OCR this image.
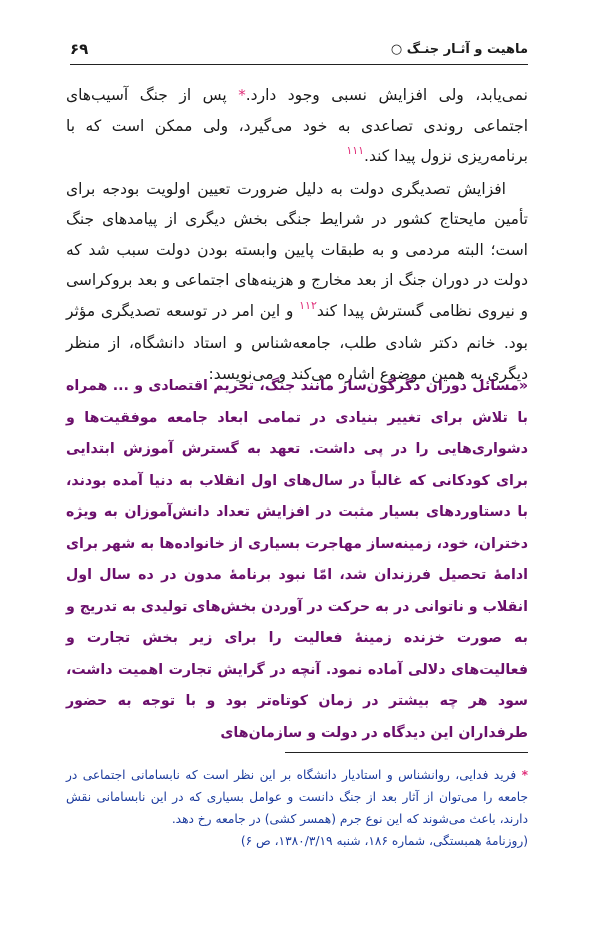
ماهیت و آثـار جنـگ ○
۶۹

نمی‌یابد، ولی افزایش نسبی وجود دارد.* پس از جنگ آسیب‌های اجتماعی روندی تصاعدی به خود می‌گیرد، ولی ممکن است که با برنامه‌ریزی نزول پیدا کند.$^{۱۱۱}$

افزایش تصدیگری دولت به دلیل ضرورت تعیین اولویت بودجه برای تأمین مایحتاج کشور در شرایط جنگی بخش دیگری از پیامدهای جنگ است؛ البته مردمی و به طبقات پایین وابسته بودن دولت سبب شد که دولت در دوران جنگ از بعد مخارج و هزینه‌های اجتماعی و بعد بروکراسی و نیروی نظامی گسترش پیدا کند$^{۱۱۲}$ و این امر در توسعه تصدیگری مؤثر بود. خانم دکتر شادی طلب، جامعه‌شناس و استاد دانشگاه، از منظر دیگری به همین موضوع اشاره می‌کند و می‌نویسد:

«مسائل دوران دگرگون‌ساز مانند جنگ، تحریم اقتصادی و ... همراه با تلاش برای تغییر بنیادی در تمامی ابعاد جامعه موفقیت‌ها و دشواری‌هایی را در پی داشت. تعهد به گسترش آموزش ابتدایی برای کودکانی که غالباً در سال‌های اول انقلاب به دنیا آمده بودند، با دستاوردهای بسیار مثبت در افزایش تعداد دانش‌آموزان به ویژه دختران، خود، زمینه‌ساز مهاجرت بسیاری از خانواده‌ها به شهر برای ادامهٔ تحصیل فرزندان شد، امّا نبود برنامهٔ مدون در ده سال اول انقلاب و ناتوانی در به حرکت در آوردن بخش‌های تولیدی به تدریج و به صورت خزنده زمینهٔ فعالیت را برای زیر بخش تجارت و فعالیت‌های دلالی آماده نمود. آنچه در گرایش تجارت اهمیت داشت، سود هر چه بیشتر در زمان کوتاه‌تر بود و با توجه به حضور طرفداران این دیدگاه در دولت و سازمان‌های
* فرید فدایی، روانشناس و استادیار دانشگاه بر این نظر است که نابسامانی اجتماعی در جامعه را می‌توان از آثار بعد از جنگ دانست و عوامل بسیاری که در این نابسامانی نقش دارند، باعث می‌شوند که این نوع جرم (همسر کشی) در جامعه رخ دهد.
(روزنامهٔ همبستگی، شماره ۱۸۶، شنبه ۱۳۸۰/۳/۱۹، ص ۶)
